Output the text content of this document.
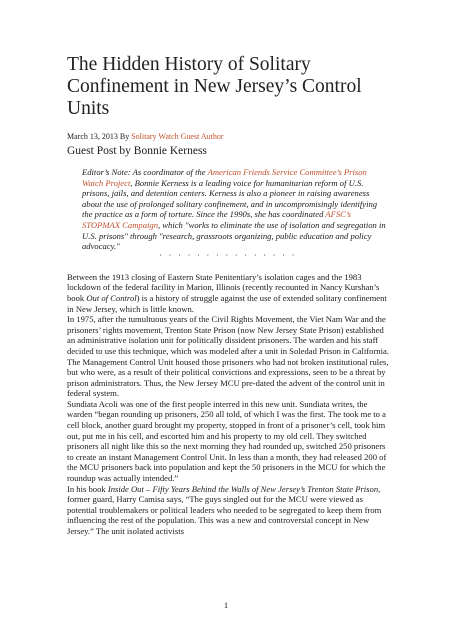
The Hidden History of Solitary Confinement in New Jersey’s Control Units
March 13, 2013 By Solitary Watch Guest Author
Guest Post by Bonnie Kerness
Editor’s Note: As coordinator of the American Friends Service Committee’s Prison Watch Project, Bonnie Kerness is a leading voice for humanitarian reform of U.S. prisons, jails, and detention centers. Kerness is also a pioneer in raising awareness about the use of prolonged solitary confinement, and in uncompromisingly identifying the practice as a form of torture. Since the 1990s, she has coordinated AFSC’s STOPMAX Campaign, which "works to eliminate the use of isolation and segregation in U.S. prisons" through "research, grassroots organizing, public education and policy advocacy."
· · · · · · · · · · · · · · ·

Between the 1913 closing of Eastern State Penitentiary’s isolation cages and the 1983 lockdown of the federal facility in Marion, Illinois (recently recounted in Nancy Kurshan’s book Out of Control) is a history of struggle against the use of extended solitary confinement in New Jersey, which is little known.

In 1975, after the tumultuous years of the Civil Rights Movement, the Viet Nam War and the prisoners’ rights movement, Trenton State Prison (now New Jersey State Prison) established an administrative isolation unit for politically dissident prisoners. The warden and his staff decided to use this technique, which was modeled after a unit in Soledad Prison in California. The Management Control Unit housed those prisoners who had not broken institutional rules, but who were, as a result of their political convictions and expressions, seen to be a threat by prison administrators. Thus, the New Jersey MCU pre-dated the advent of the control unit in federal system.

Sundiata Acoli was one of the first people interred in this new unit. Sundiata writes, the warden “began rounding up prisoners, 250 all told, of which I was the first. The took me to a cell block, another guard brought my property, stopped in front of a prisoner’s cell, took him out, put me in his cell, and escorted him and his property to my old cell. They switched prisoners all night like this so the next morning they had rounded up, switched 250 prisoners to create an instant Management Control Unit. In less than a month, they had released 200 of the MCU prisoners back into population and kept the 50 prisoners in the MCU for which the roundup was actually intended.”

In his book Inside Out – Fifty Years Behind the Walls of New Jersey’s Trenton State Prison, former guard, Harry Camisa says, “The guys singled out for the MCU were viewed as potential troublemakers or political leaders who needed to be segregated to keep them from influencing the rest of the population. This was a new and controversial concept in New Jersey.” The unit isolated activists

1
